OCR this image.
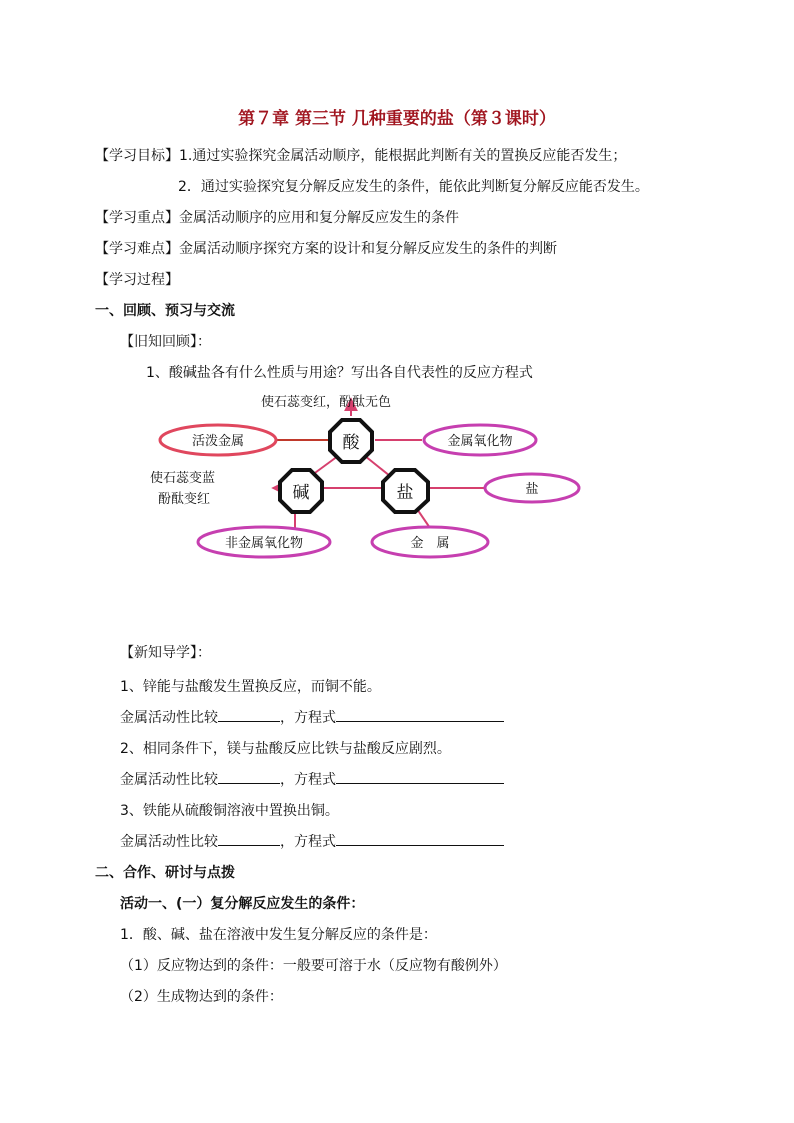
第７章 第三节 几种重要的盐（第３课时）
【学习目标】1.通过实验探究金属活动顺序，能根据此判断有关的置换反应能否发生；
2．通过实验探究复分解反应发生的条件，能依此判断复分解反应能否发生。
【学习重点】金属活动顺序的应用和复分解反应发生的条件
【学习难点】金属活动顺序探究方案的设计和复分解反应发生的条件的判断
【学习过程】
一、回顾、预习与交流
【旧知回顾】：
1、酸碱盐各有什么性质与用途？写出各自代表性的反应方程式
活泼金属	金属氧化物
盐
非金属氧化物	金　属
酸
碱	盐
使石蕊变红，酚酞无色
使石蕊变蓝
酚酞变红
【新知导学】：
1、锌能与盐酸发生置换反应，而铜不能。
金属活动性比较	，方程式
2、相同条件下，镁与盐酸反应比铁与盐酸反应剧烈。
金属活动性比较	，方程式
3、铁能从硫酸铜溶液中置换出铜。
金属活动性比较	，方程式
二、合作、研讨与点拨
活动一、(一）复分解反应发生的条件：
1．酸、碱、盐在溶液中发生复分解反应的条件是：
（1）反应物达到的条件：一般要可溶于水（反应物有酸例外）
（2）生成物达到的条件：
